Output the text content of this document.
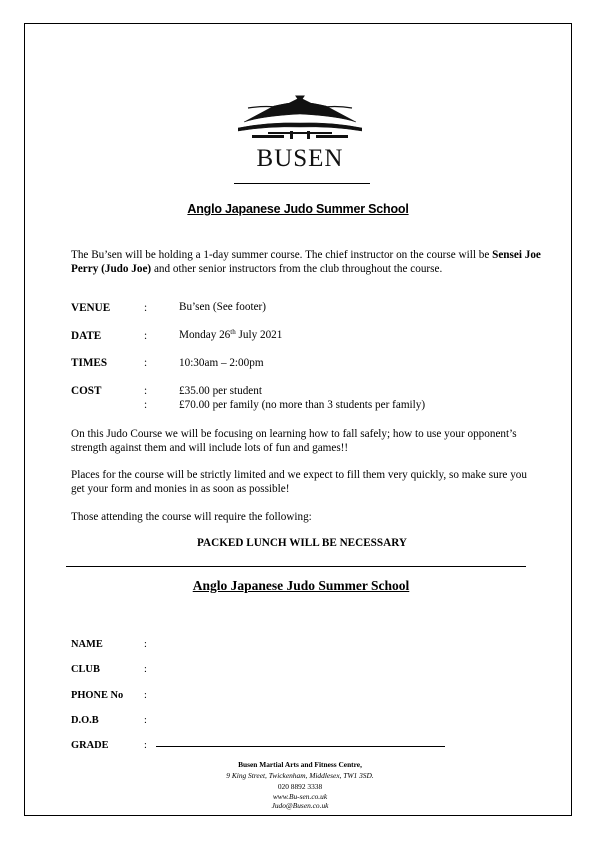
BUSEN
Anglo Japanese Judo Summer School
The Bu’sen will be holding a 1-day summer course. The chief instructor on the course will be Sensei Joe Perry (Judo Joe) and other senior instructors from the club throughout the course.
VENUE	:	Bu’sen (See footer)
DATE	:	Monday 26th July 2021
TIMES	:	10:30am – 2:00pm
COST	:	£35.00 per student
:	£70.00 per family (no more than 3 students per family)
On this Judo Course we will be focusing on learning how to fall safely; how to use your opponent’s strength against them and will include lots of fun and games!!
Places for the course will be strictly limited and we expect to fill them very quickly, so make sure you get your form and monies in as soon as possible!
Those attending the course will require the following:
PACKED LUNCH WILL BE NECESSARY
Anglo Japanese Judo Summer School
NAME	:
CLUB	:
PHONE No :
D.O.B	:
GRADE	:
Busen Martial Arts and Fitness Centre,
9 King Street, Twickenham, Middlesex, TW1 3SD.
020 8892 3338
www.Bu-sen.co.uk
Judo@Busen.co.uk
